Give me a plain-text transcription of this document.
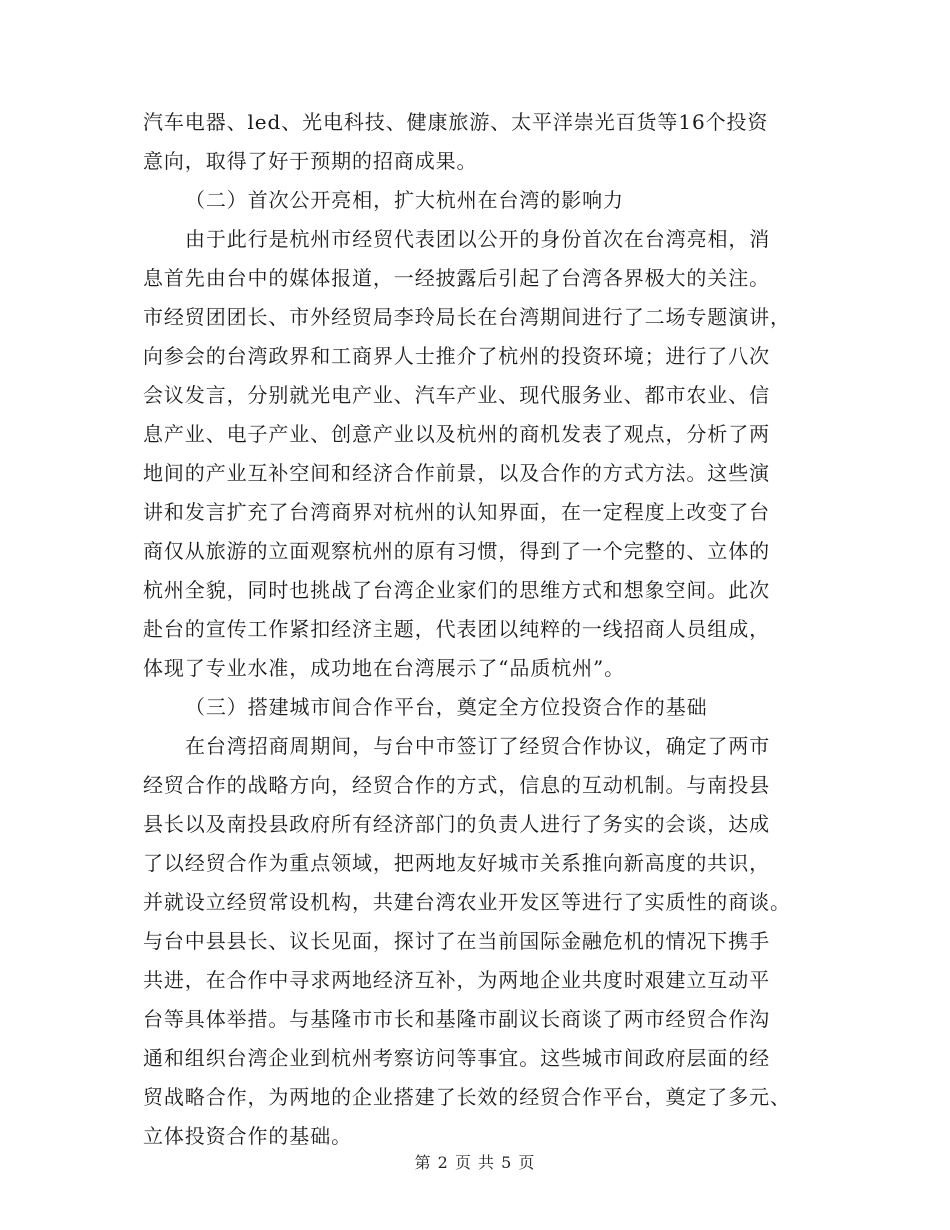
汽车电器、led、光电科技、健康旅游、太平洋崇光百货等16个投资
意向，取得了好于预期的招商成果。
（二）首次公开亮相，扩大杭州在台湾的影响力
由于此行是杭州市经贸代表团以公开的身份首次在台湾亮相，消
息首先由台中的媒体报道，一经披露后引起了台湾各界极大的关注。
市经贸团团长、市外经贸局李玲局长在台湾期间进行了二场专题演讲，
向参会的台湾政界和工商界人士推介了杭州的投资环境；进行了八次
会议发言，分别就光电产业、汽车产业、现代服务业、都市农业、信
息产业、电子产业、创意产业以及杭州的商机发表了观点，分析了两
地间的产业互补空间和经济合作前景，以及合作的方式方法。这些演
讲和发言扩充了台湾商界对杭州的认知界面，在一定程度上改变了台
商仅从旅游的立面观察杭州的原有习惯，得到了一个完整的、立体的
杭州全貌，同时也挑战了台湾企业家们的思维方式和想象空间。此次
赴台的宣传工作紧扣经济主题，代表团以纯粹的一线招商人员组成，
体现了专业水准，成功地在台湾展示了“品质杭州”。
（三）搭建城市间合作平台，奠定全方位投资合作的基础
在台湾招商周期间，与台中市签订了经贸合作协议，确定了两市
经贸合作的战略方向，经贸合作的方式，信息的互动机制。与南投县
县长以及南投县政府所有经济部门的负责人进行了务实的会谈，达成
了以经贸合作为重点领域，把两地友好城市关系推向新高度的共识，
并就设立经贸常设机构，共建台湾农业开发区等进行了实质性的商谈。
与台中县县长、议长见面，探讨了在当前国际金融危机的情况下携手
共进，在合作中寻求两地经济互补，为两地企业共度时艰建立互动平
台等具体举措。与基隆市市长和基隆市副议长商谈了两市经贸合作沟
通和组织台湾企业到杭州考察访问等事宜。这些城市间政府层面的经
贸战略合作，为两地的企业搭建了长效的经贸合作平台，奠定了多元、
立体投资合作的基础。
第 2 页 共 5 页
